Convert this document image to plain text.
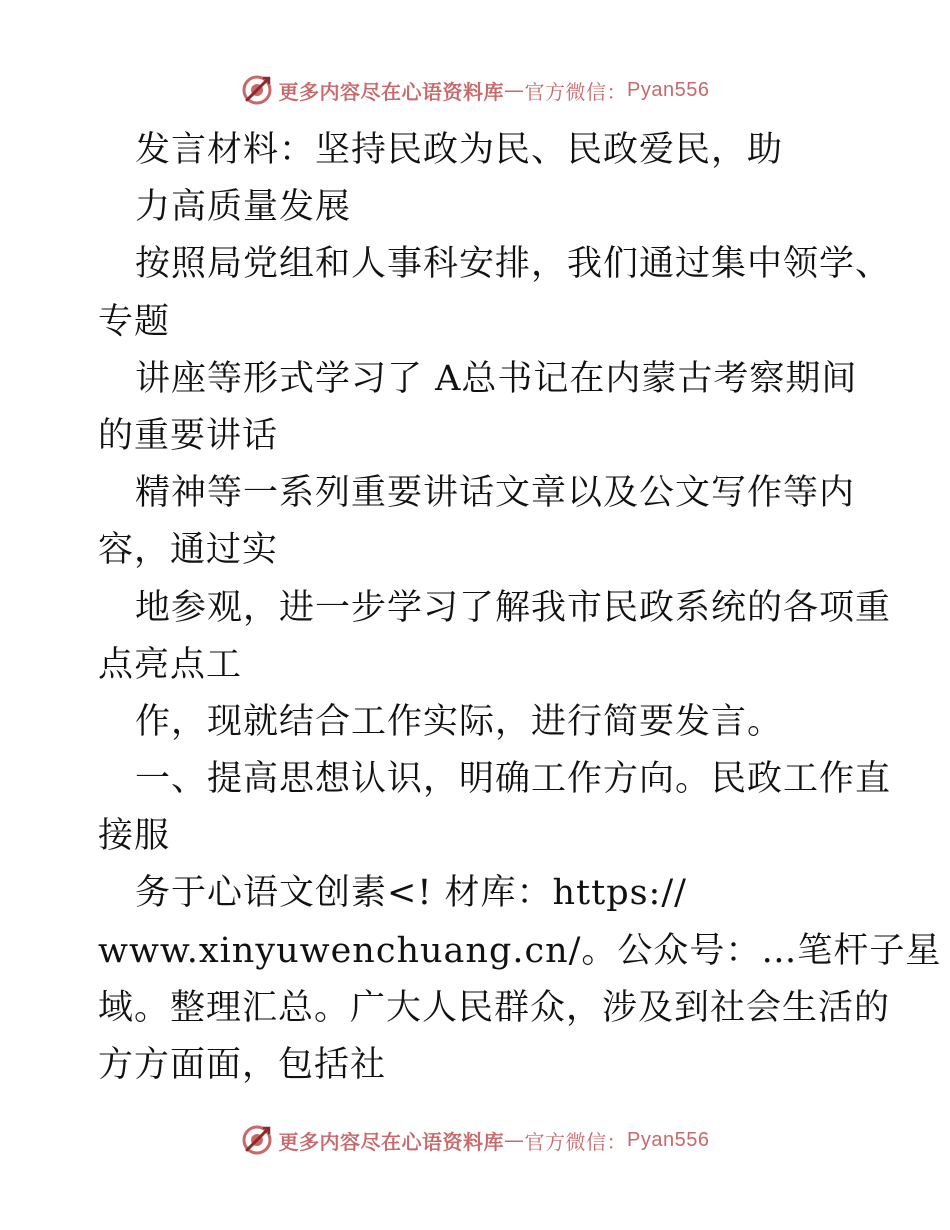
更多内容尽在心语资料库 — 官方微信： Pyan556
发言材料：坚持民政为民、民政爱民，助
力高质量发展
按照局党组和人事科安排，我们通过集中领学、
专题
讲座等形式学习了 A总书记在内蒙古考察期间
的重要讲话
精神等一系列重要讲话文章以及公文写作等内
容，通过实
地参观，进一步学习了解我市民政系统的各项重
点亮点工
作，现就结合工作实际，进行简要发言。
一、提高思想认识，明确工作方向。民政工作直
接服
务于心语文创素<! 材库：https://
www.xinyuwenchuang.cn/。公众号：…笔杆子星
域。整理汇总。广大人民群众，涉及到社会生活的
方方面面，包括社
更多内容尽在心语资料库 — 官方微信： Pyan556
